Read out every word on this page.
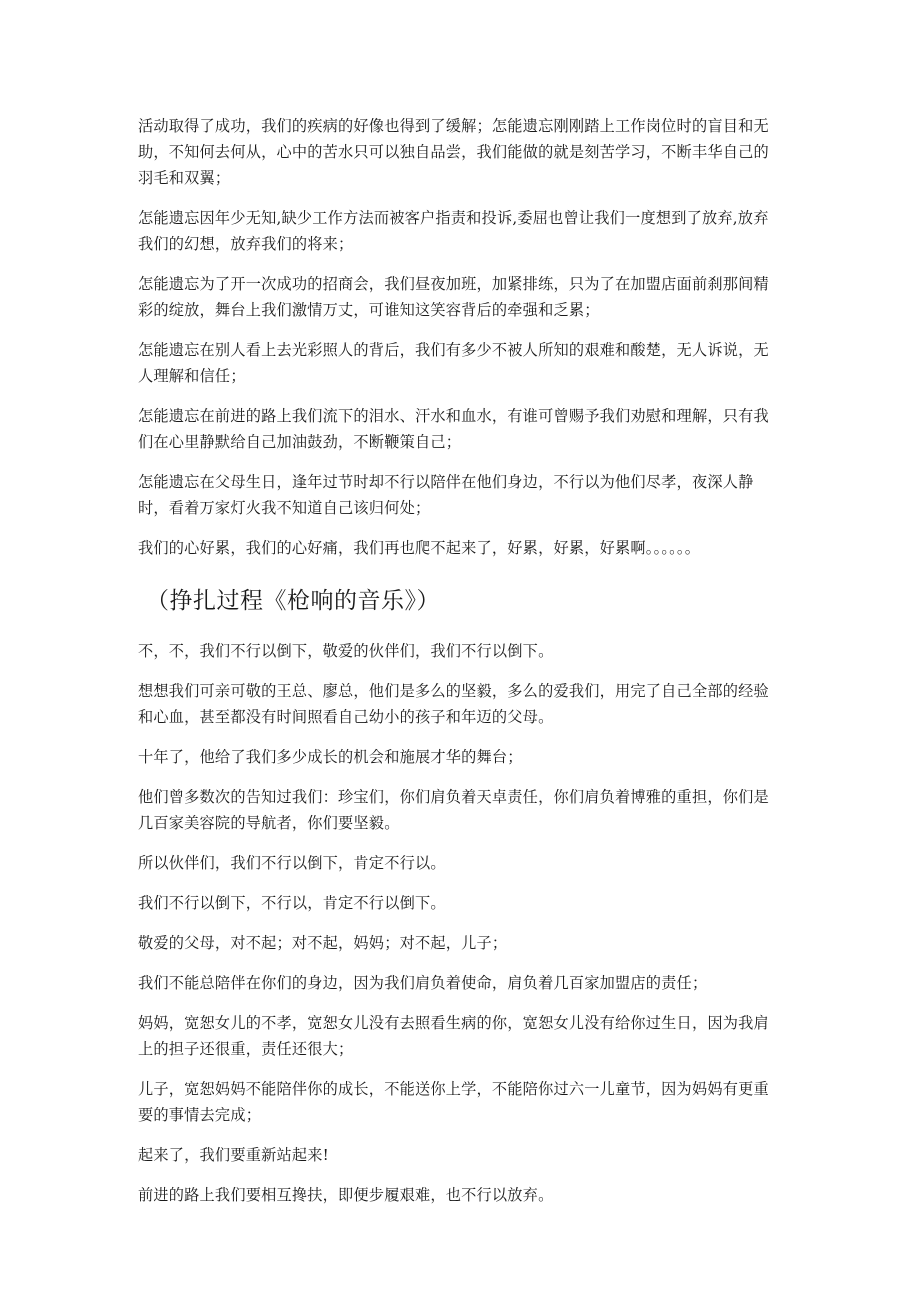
活动取得了成功，我们的疾病的好像也得到了缓解；怎能遗忘刚刚踏上工作岗位时的盲目和无助，不知何去何从，心中的苦水只可以独自品尝，我们能做的就是刻苦学习，不断丰华自己的羽毛和双翼；

怎能遗忘因年少无知,缺少工作方法而被客户指责和投诉,委屈也曾让我们一度想到了放弃,放弃我们的幻想，放弃我们的将来；

怎能遗忘为了开一次成功的招商会，我们昼夜加班，加紧排练，只为了在加盟店面前刹那间精彩的绽放，舞台上我们激情万丈，可谁知这笑容背后的牵强和乏累；

怎能遗忘在别人看上去光彩照人的背后，我们有多少不被人所知的艰难和酸楚，无人诉说，无人理解和信任；

怎能遗忘在前进的路上我们流下的泪水、汗水和血水，有谁可曾赐予我们劝慰和理解，只有我们在心里静默给自己加油鼓劲，不断鞭策自己；

怎能遗忘在父母生日，逢年过节时却不行以陪伴在他们身边，不行以为他们尽孝，夜深人静时，看着万家灯火我不知道自己该归何处；

我们的心好累，我们的心好痛，我们再也爬不起来了，好累，好累，好累啊。。。。。。

（挣扎过程《枪响的音乐》）

不，不，我们不行以倒下，敬爱的伙伴们，我们不行以倒下。

想想我们可亲可敬的王总、廖总，他们是多么的坚毅，多么的爱我们，用完了自己全部的经验和心血，甚至都没有时间照看自己幼小的孩子和年迈的父母。

十年了，他给了我们多少成长的机会和施展才华的舞台；

他们曾多数次的告知过我们：珍宝们，你们肩负着天卓责任，你们肩负着博雅的重担，你们是几百家美容院的导航者，你们要坚毅。

所以伙伴们，我们不行以倒下，肯定不行以。

我们不行以倒下，不行以，肯定不行以倒下。

敬爱的父母，对不起；对不起，妈妈；对不起，儿子；

我们不能总陪伴在你们的身边，因为我们肩负着使命，肩负着几百家加盟店的责任；

妈妈，宽恕女儿的不孝，宽恕女儿没有去照看生病的你，宽恕女儿没有给你过生日，因为我肩上的担子还很重，责任还很大；

儿子，宽恕妈妈不能陪伴你的成长，不能送你上学，不能陪你过六一儿童节，因为妈妈有更重要的事情去完成；

起来了，我们要重新站起来!

前进的路上我们要相互搀扶，即便步履艰难，也不行以放弃。
